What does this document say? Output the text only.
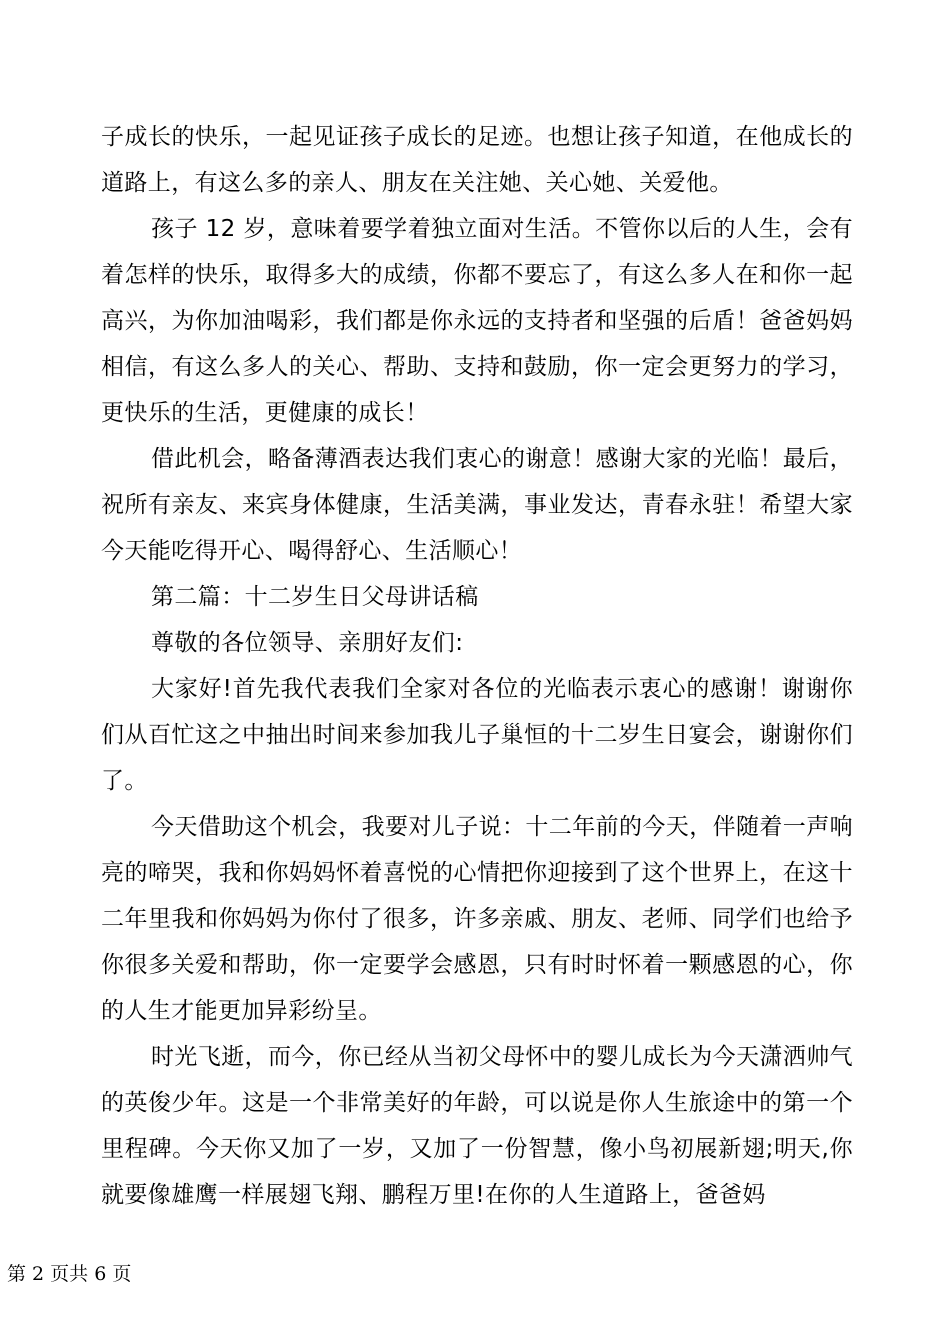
子成长的快乐，一起见证孩子成长的足迹。也想让孩子知道，在他成长的道路上，有这么多的亲人、朋友在关注她、关心她、关爱他。

孩子 12 岁，意味着要学着独立面对生活。不管你以后的人生，会有着怎样的快乐，取得多大的成绩，你都不要忘了，有这么多人在和你一起高兴，为你加油喝彩，我们都是你永远的支持者和坚强的后盾！爸爸妈妈相信，有这么多人的关心、帮助、支持和鼓励，你一定会更努力的学习，更快乐的生活，更健康的成长！

借此机会，略备薄酒表达我们衷心的谢意！感谢大家的光临！最后，祝所有亲友、来宾身体健康，生活美满，事业发达，青春永驻！希望大家今天能吃得开心、喝得舒心、生活顺心！

第二篇：十二岁生日父母讲话稿

尊敬的各位领导、亲朋好友们:

大家好!首先我代表我们全家对各位的光临表示衷心的感谢！谢谢你们从百忙这之中抽出时间来参加我儿子巢恒的十二岁生日宴会，谢谢你们了。

今天借助这个机会，我要对儿子说：十二年前的今天，伴随着一声响亮的啼哭，我和你妈妈怀着喜悦的心情把你迎接到了这个世界上，在这十二年里我和你妈妈为你付了很多，许多亲戚、朋友、老师、同学们也给予你很多关爱和帮助，你一定要学会感恩，只有时时怀着一颗感恩的心，你的人生才能更加异彩纷呈。

时光飞逝，而今，你已经从当初父母怀中的婴儿成长为今天潇洒帅气的英俊少年。这是一个非常美好的年龄，可以说是你人生旅途中的第一个里程碑。今天你又加了一岁，又加了一份智慧，像小鸟初展新翅;明天,你就要像雄鹰一样展翅飞翔、鹏程万里!在你的人生道路上，爸爸妈

第 2 页共 6 页
